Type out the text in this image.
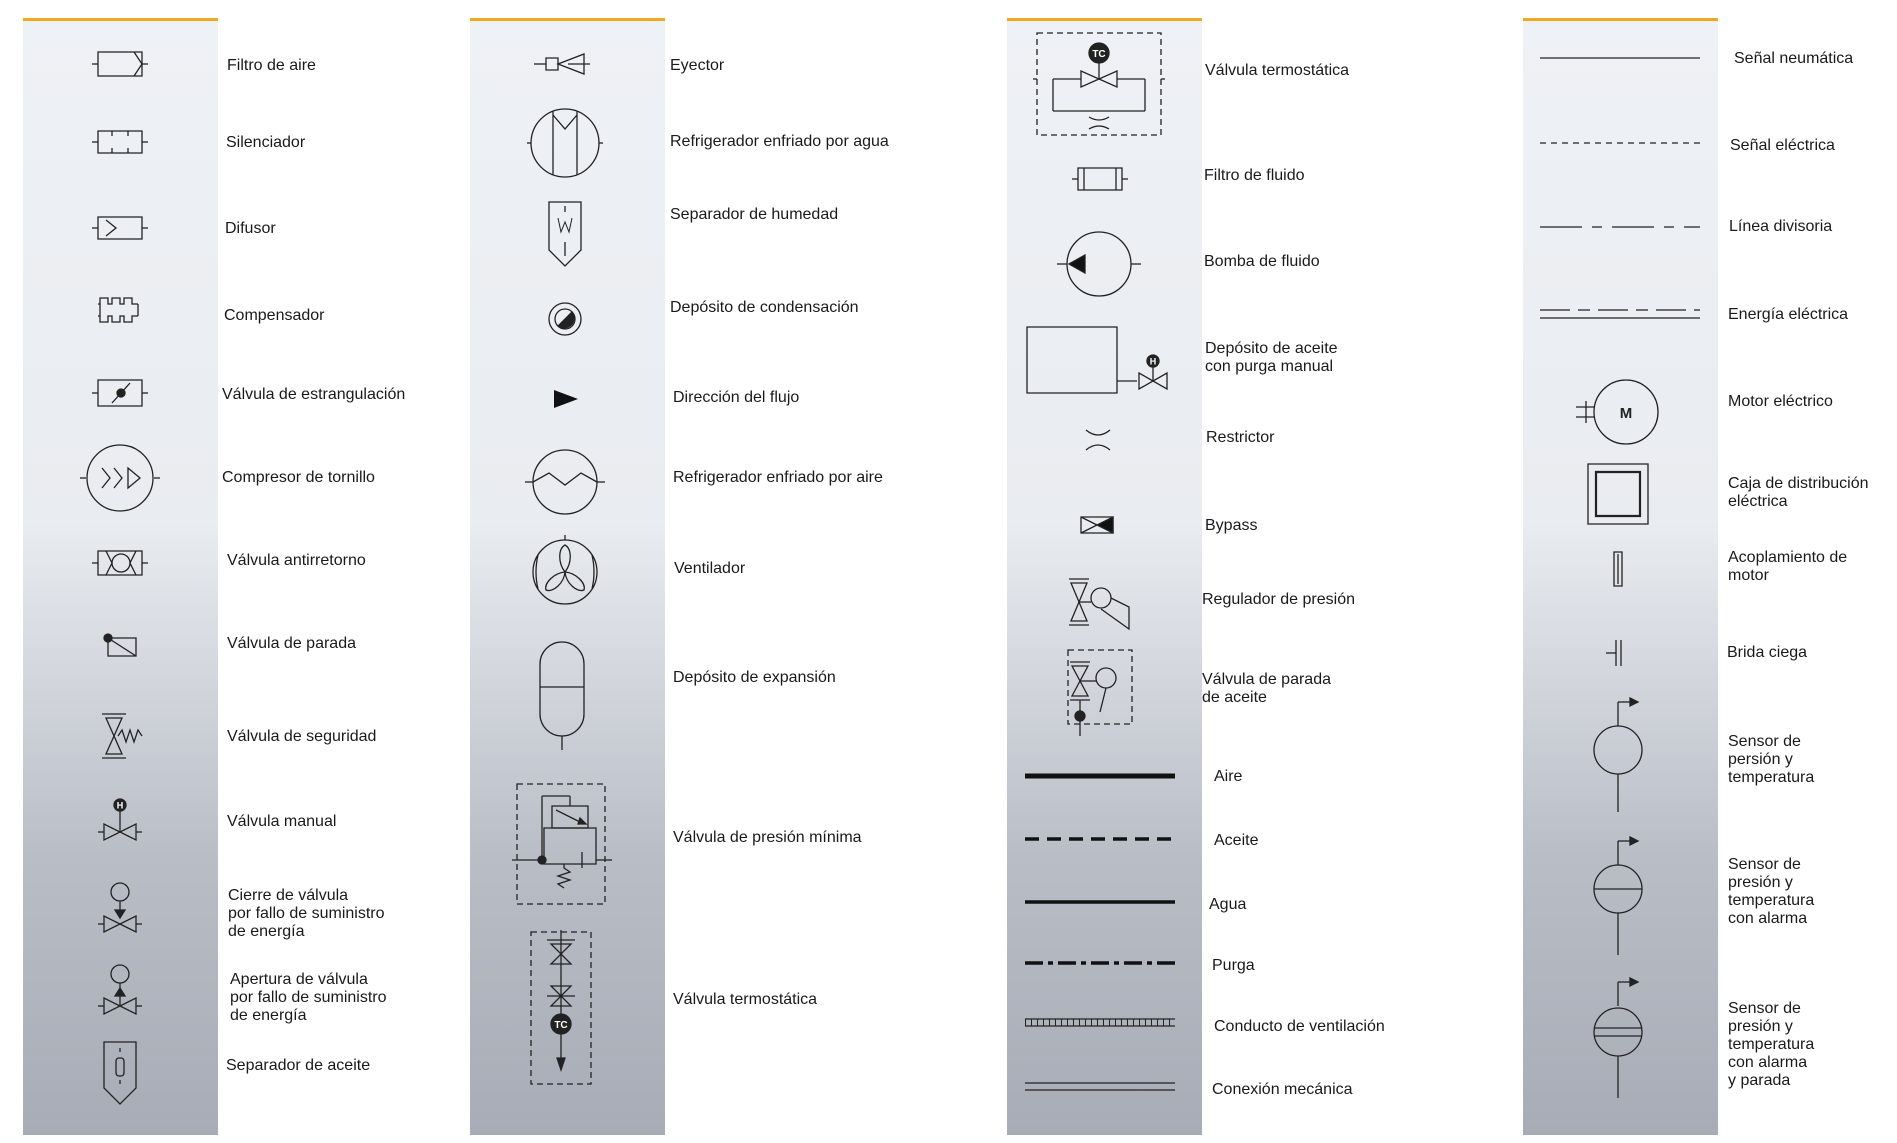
Filtro de aire
Silenciador
Difusor
Compensador
Válvula de estrangulación
Compresor de tornillo
Válvula antirretorno
Válvula de parada
Válvula de seguridad
H
Válvula manual
Cierre de válvula
por fallo de suministro
de energía
Apertura de válvula
por fallo de suministro
de energía
Separador de aceite
Eyector
Refrigerador enfriado por agua
Separador de humedad
Depósito de condensación
Dirección del flujo
Refrigerador enfriado por aire
Ventilador
Depósito de expansión
Válvula de presión mínima
TC
Válvula termostática
TC
Válvula termostática
Filtro de fluido
Bomba de fluido
H
Depósito de aceite
con purga manual
Restrictor
Bypass
Regulador de presión
Válvula de parada
de aceite
Aire
Aceite
Agua
Purga
Conducto de ventilación
Conexión mecánica
Señal neumática
Señal eléctrica
Línea divisoria
Energía eléctrica
M
Motor eléctrico
Caja de distribución
eléctrica
Acoplamiento de
motor
Brida ciega
Sensor de
persión y
temperatura
Sensor de
presión y
temperatura
con alarma
Sensor de
presión y
temperatura
con alarma
y parada
